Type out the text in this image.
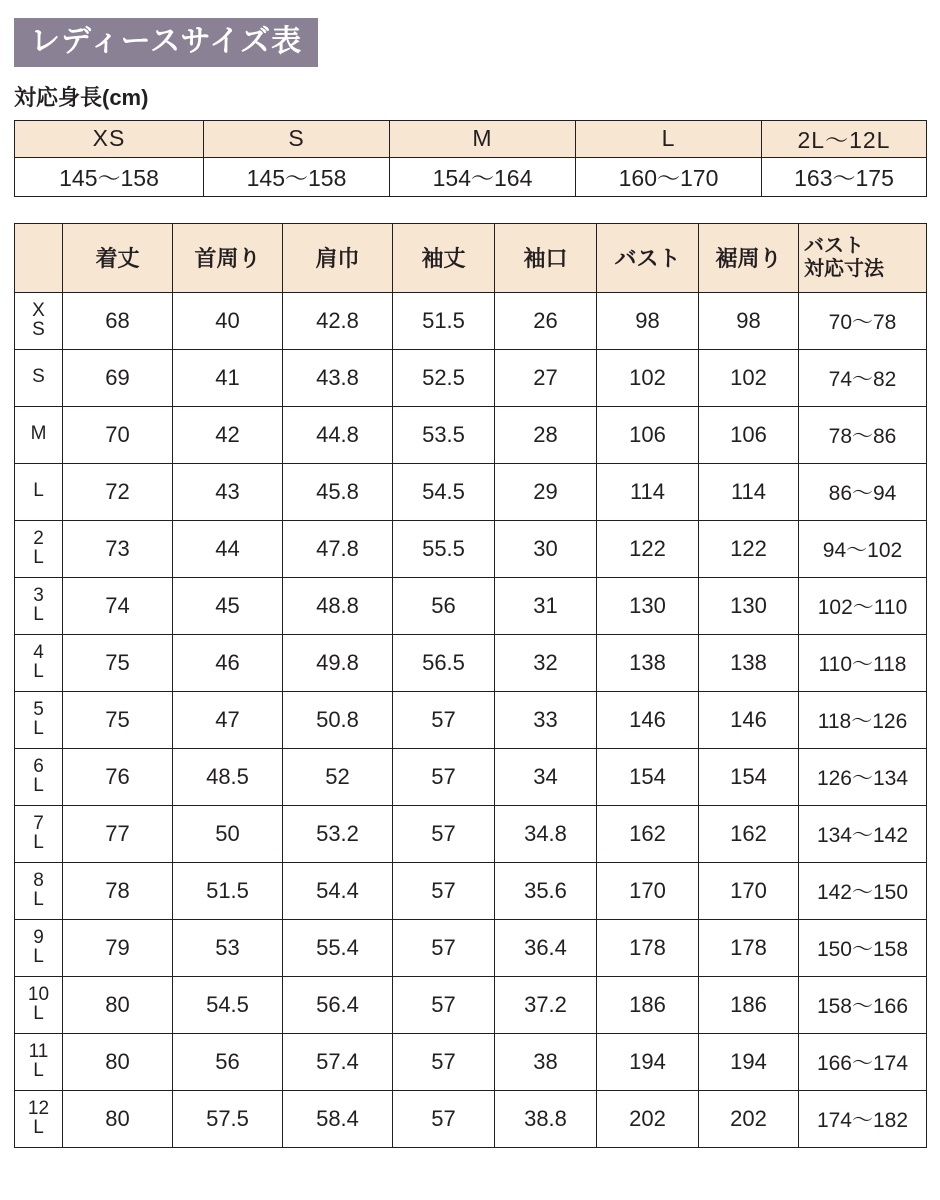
レディースサイズ表
対応身長(cm)
XS	S	M	L	2L〜12L
145〜158	145〜158	154〜164	160〜170	163〜175
	着丈	首周り	肩巾	袖丈	袖口	バスト	裾周り	バスト
対応寸法

X
S	68	40	42.8	51.5	26	98	98	70〜78

S	69	41	43.8	52.5	27	102	102	74〜82

M	70	42	44.8	53.5	28	106	106	78〜86

L	72	43	45.8	54.5	29	114	114	86〜94

2
L	73	44	47.8	55.5	30	122	122	94〜102

3
L	74	45	48.8	56	31	130	130	102〜110

4
L	75	46	49.8	56.5	32	138	138	110〜118

5
L	75	47	50.8	57	33	146	146	118〜126

6
L	76	48.5	52	57	34	154	154	126〜134

7
L	77	50	53.2	57	34.8	162	162	134〜142

8
L	78	51.5	54.4	57	35.6	170	170	142〜150

9
L	79	53	55.4	57	36.4	178	178	150〜158

10
L	80	54.5	56.4	57	37.2	186	186	158〜166

11
L	80	56	57.4	57	38	194	194	166〜174

12
L	80	57.5	58.4	57	38.8	202	202	174〜182
